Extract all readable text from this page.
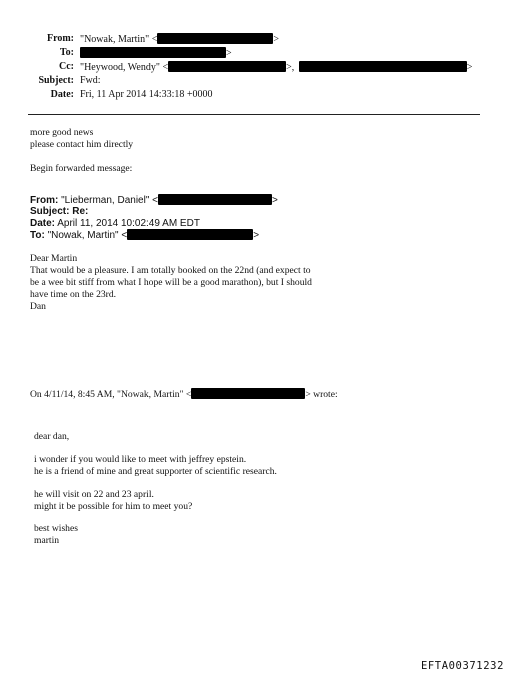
From: "Nowak, Martin" <	>
To:	>
Cc: "Heywood, Wendy" <	>,	>
Subject: Fwd:
Date: Fri, 11 Apr 2014 14:33:18 +0000
more good news
please contact him directly
Begin forwarded message:
From: "Lieberman, Daniel" <	>
Subject: Re:
Date: April 11, 2014 10:02:49 AM EDT
To: "Nowak, Martin" <	>
Dear Martin
That would be a pleasure. I am totally booked on the 22nd (and expect to
be a wee bit stiff from what I hope will be a good marathon), but I should
have time on the 23rd.
Dan
On 4/11/14, 8:45 AM, "Nowak, Martin" <	> wrote:
dear dan,
i wonder if you would like to meet with jeffrey epstein.
he is a friend of mine and great supporter of scientific research.
he will visit on 22 and 23 april.
might it be possible for him to meet you?
best wishes
martin
EFTA00371232
